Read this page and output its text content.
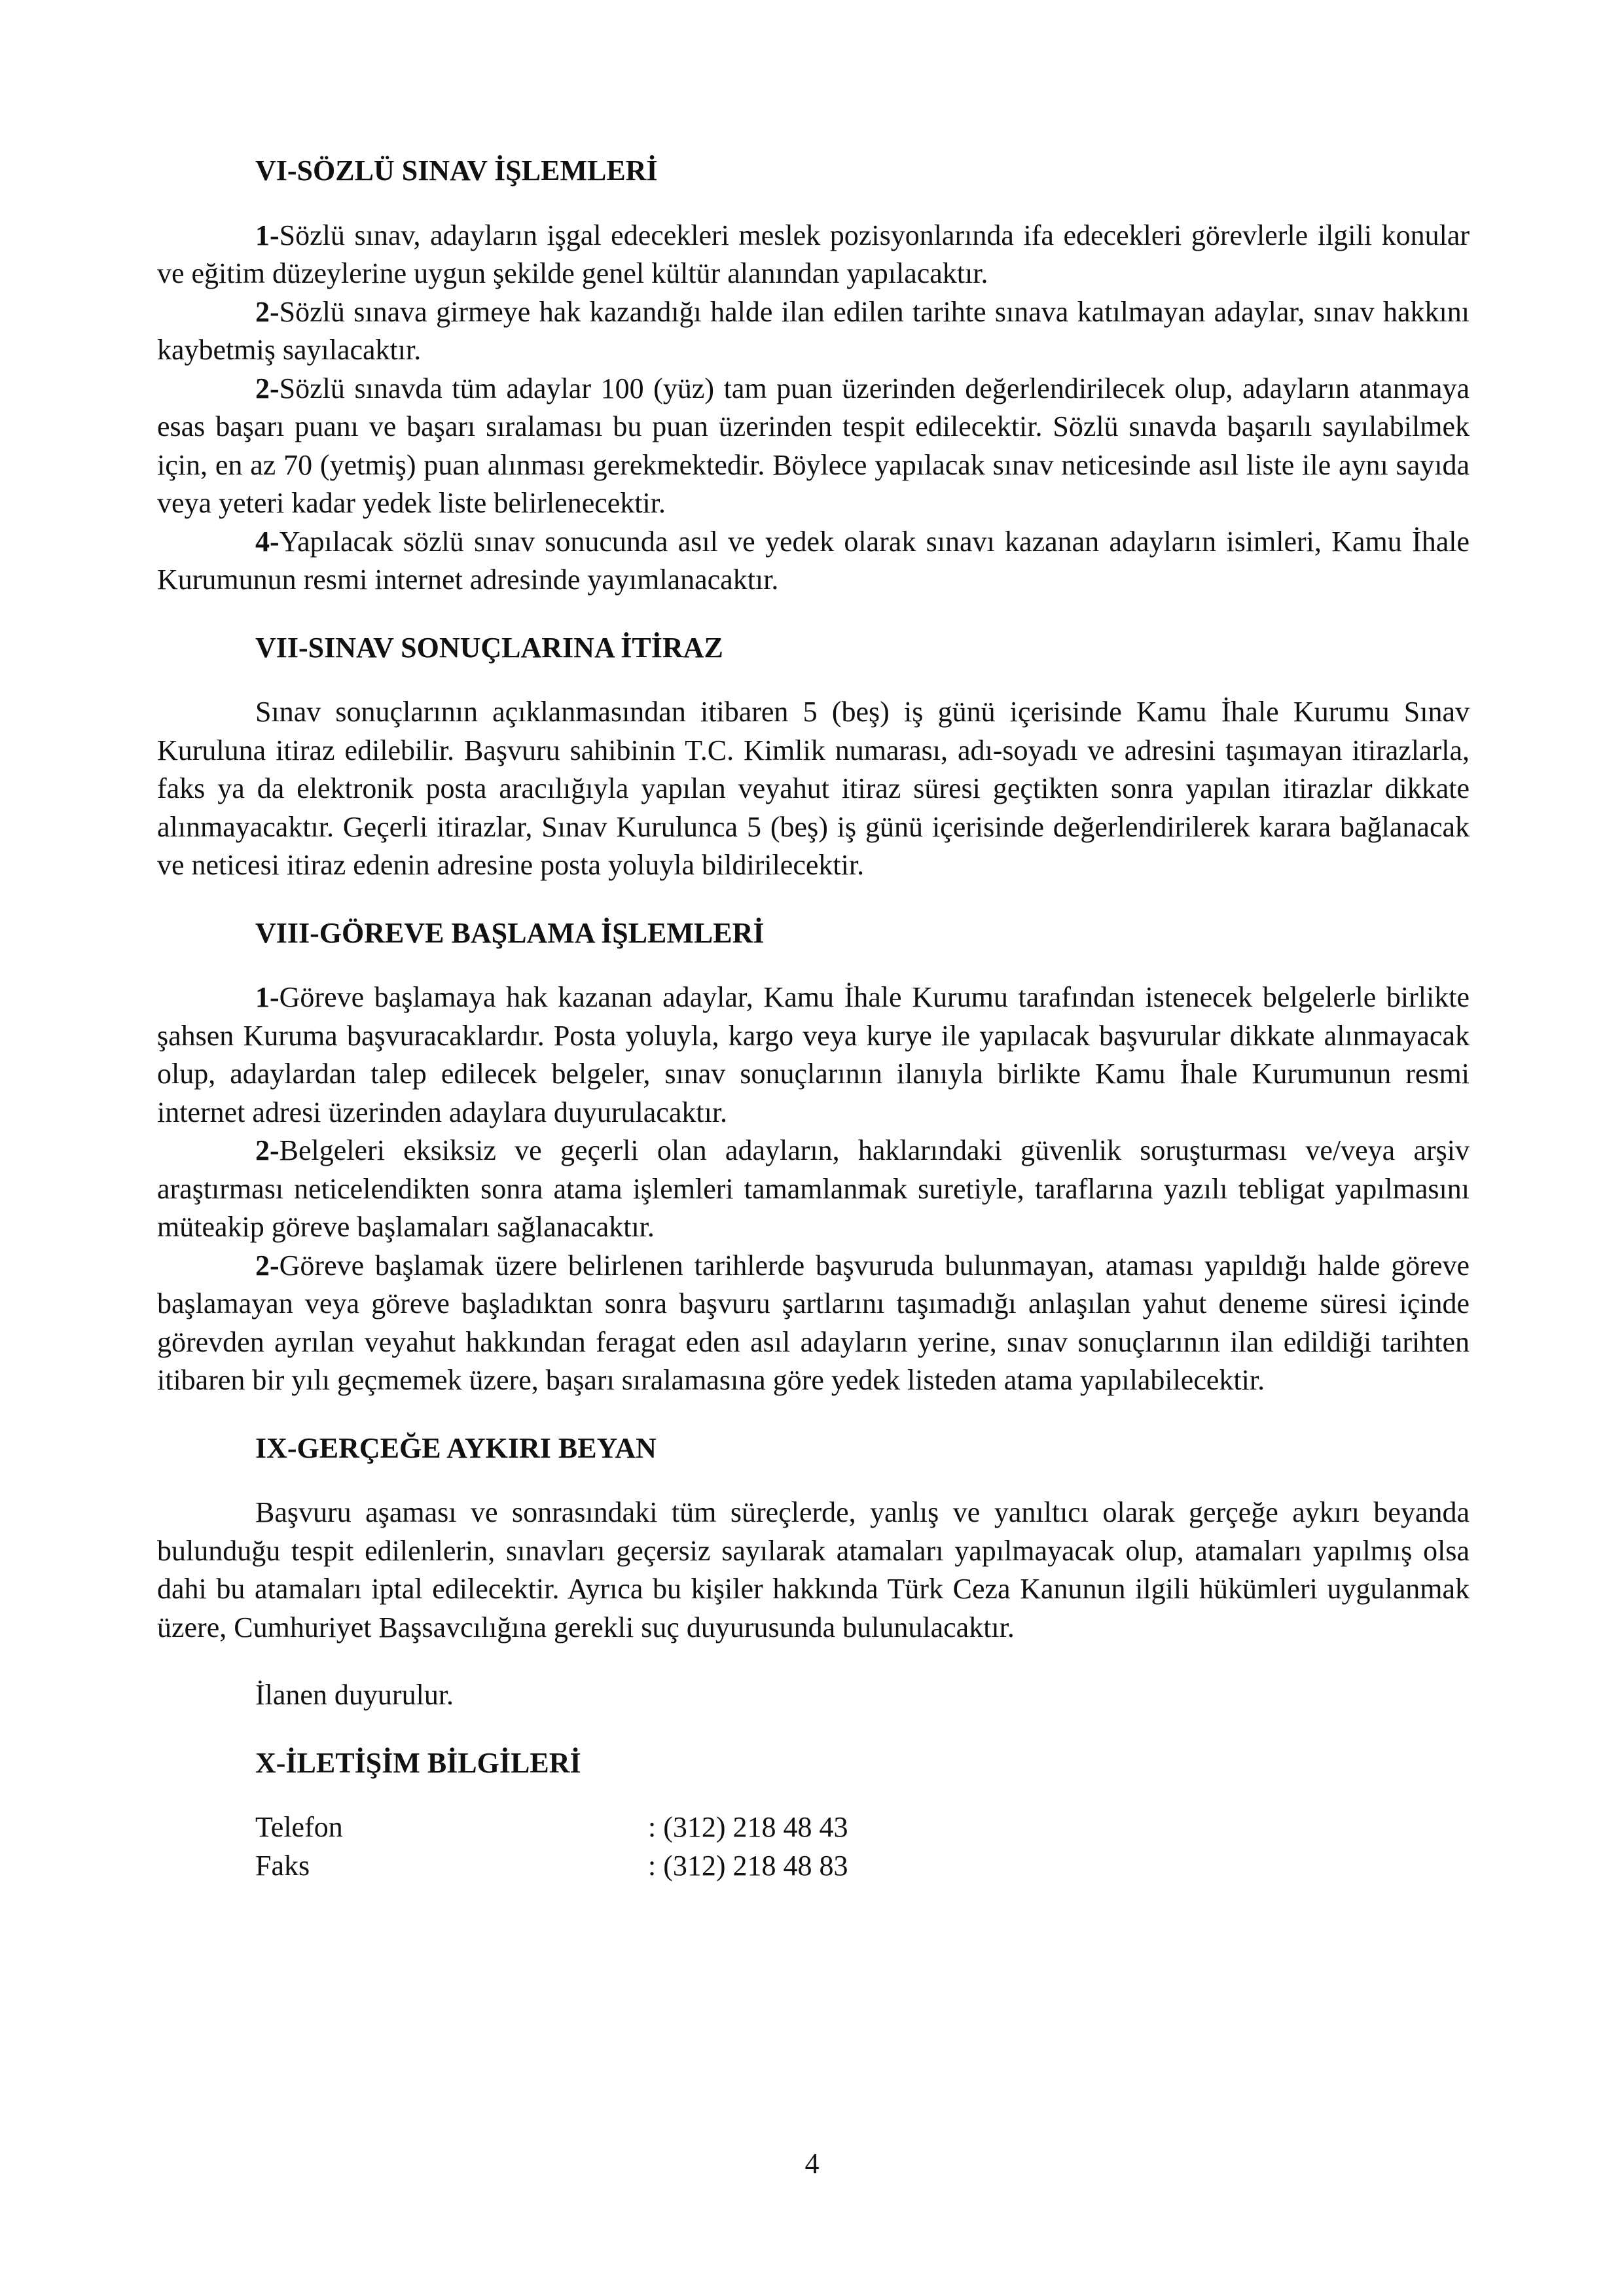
VI-SÖZLÜ SINAV İŞLEMLERİ

1-Sözlü sınav, adayların işgal edecekleri meslek pozisyonlarında ifa edecekleri görevlerle ilgili konular ve eğitim düzeylerine uygun şekilde genel kültür alanından yapılacaktır.

2-Sözlü sınava girmeye hak kazandığı halde ilan edilen tarihte sınava katılmayan adaylar, sınav hakkını kaybetmiş sayılacaktır.

2-Sözlü sınavda tüm adaylar 100 (yüz) tam puan üzerinden değerlendirilecek olup, adayların atanmaya esas başarı puanı ve başarı sıralaması bu puan üzerinden tespit edilecektir. Sözlü sınavda başarılı sayılabilmek için, en az 70 (yetmiş) puan alınması gerekmektedir. Böylece yapılacak sınav neticesinde asıl liste ile aynı sayıda veya yeteri kadar yedek liste belirlenecektir.

4-Yapılacak sözlü sınav sonucunda asıl ve yedek olarak sınavı kazanan adayların isimleri, Kamu İhale Kurumunun resmi internet adresinde yayımlanacaktır.

VII-SINAV SONUÇLARINA İTİRAZ

Sınav sonuçlarının açıklanmasından itibaren 5 (beş) iş günü içerisinde Kamu İhale Kurumu Sınav Kuruluna itiraz edilebilir. Başvuru sahibinin T.C. Kimlik numarası, adı-soyadı ve adresini taşımayan itirazlarla, faks ya da elektronik posta aracılığıyla yapılan veyahut itiraz süresi geçtikten sonra yapılan itirazlar dikkate alınmayacaktır. Geçerli itirazlar, Sınav Kurulunca 5 (beş) iş günü içerisinde değerlendirilerek karara bağlanacak ve neticesi itiraz edenin adresine posta yoluyla bildirilecektir.

VIII-GÖREVE BAŞLAMA İŞLEMLERİ

1-Göreve başlamaya hak kazanan adaylar, Kamu İhale Kurumu tarafından istenecek belgelerle birlikte şahsen Kuruma başvuracaklardır. Posta yoluyla, kargo veya kurye ile yapılacak başvurular dikkate alınmayacak olup, adaylardan talep edilecek belgeler, sınav sonuçlarının ilanıyla birlikte Kamu İhale Kurumunun resmi internet adresi üzerinden adaylara duyurulacaktır.

2-Belgeleri eksiksiz ve geçerli olan adayların, haklarındaki güvenlik soruşturması ve/veya arşiv araştırması neticelendikten sonra atama işlemleri tamamlanmak suretiyle, taraflarına yazılı tebligat yapılmasını müteakip göreve başlamaları sağlanacaktır.

2-Göreve başlamak üzere belirlenen tarihlerde başvuruda bulunmayan, ataması yapıldığı halde göreve başlamayan veya göreve başladıktan sonra başvuru şartlarını taşımadığı anlaşılan yahut deneme süresi içinde görevden ayrılan veyahut hakkından feragat eden asıl adayların yerine, sınav sonuçlarının ilan edildiği tarihten itibaren bir yılı geçmemek üzere, başarı sıralamasına göre yedek listeden atama yapılabilecektir.

IX-GERÇEĞE AYKIRI BEYAN

Başvuru aşaması ve sonrasındaki tüm süreçlerde, yanlış ve yanıltıcı olarak gerçeğe aykırı beyanda bulunduğu tespit edilenlerin, sınavları geçersiz sayılarak atamaları yapılmayacak olup, atamaları yapılmış olsa dahi bu atamaları iptal edilecektir. Ayrıca bu kişiler hakkında Türk Ceza Kanunun ilgili hükümleri uygulanmak üzere, Cumhuriyet Başsavcılığına gerekli suç duyurusunda bulunulacaktır.

İlanen duyurulur.

X-İLETİŞİM BİLGİLERİ

Telefon	: (312) 218 48 43
Faks	: (312) 218 48 83
4
